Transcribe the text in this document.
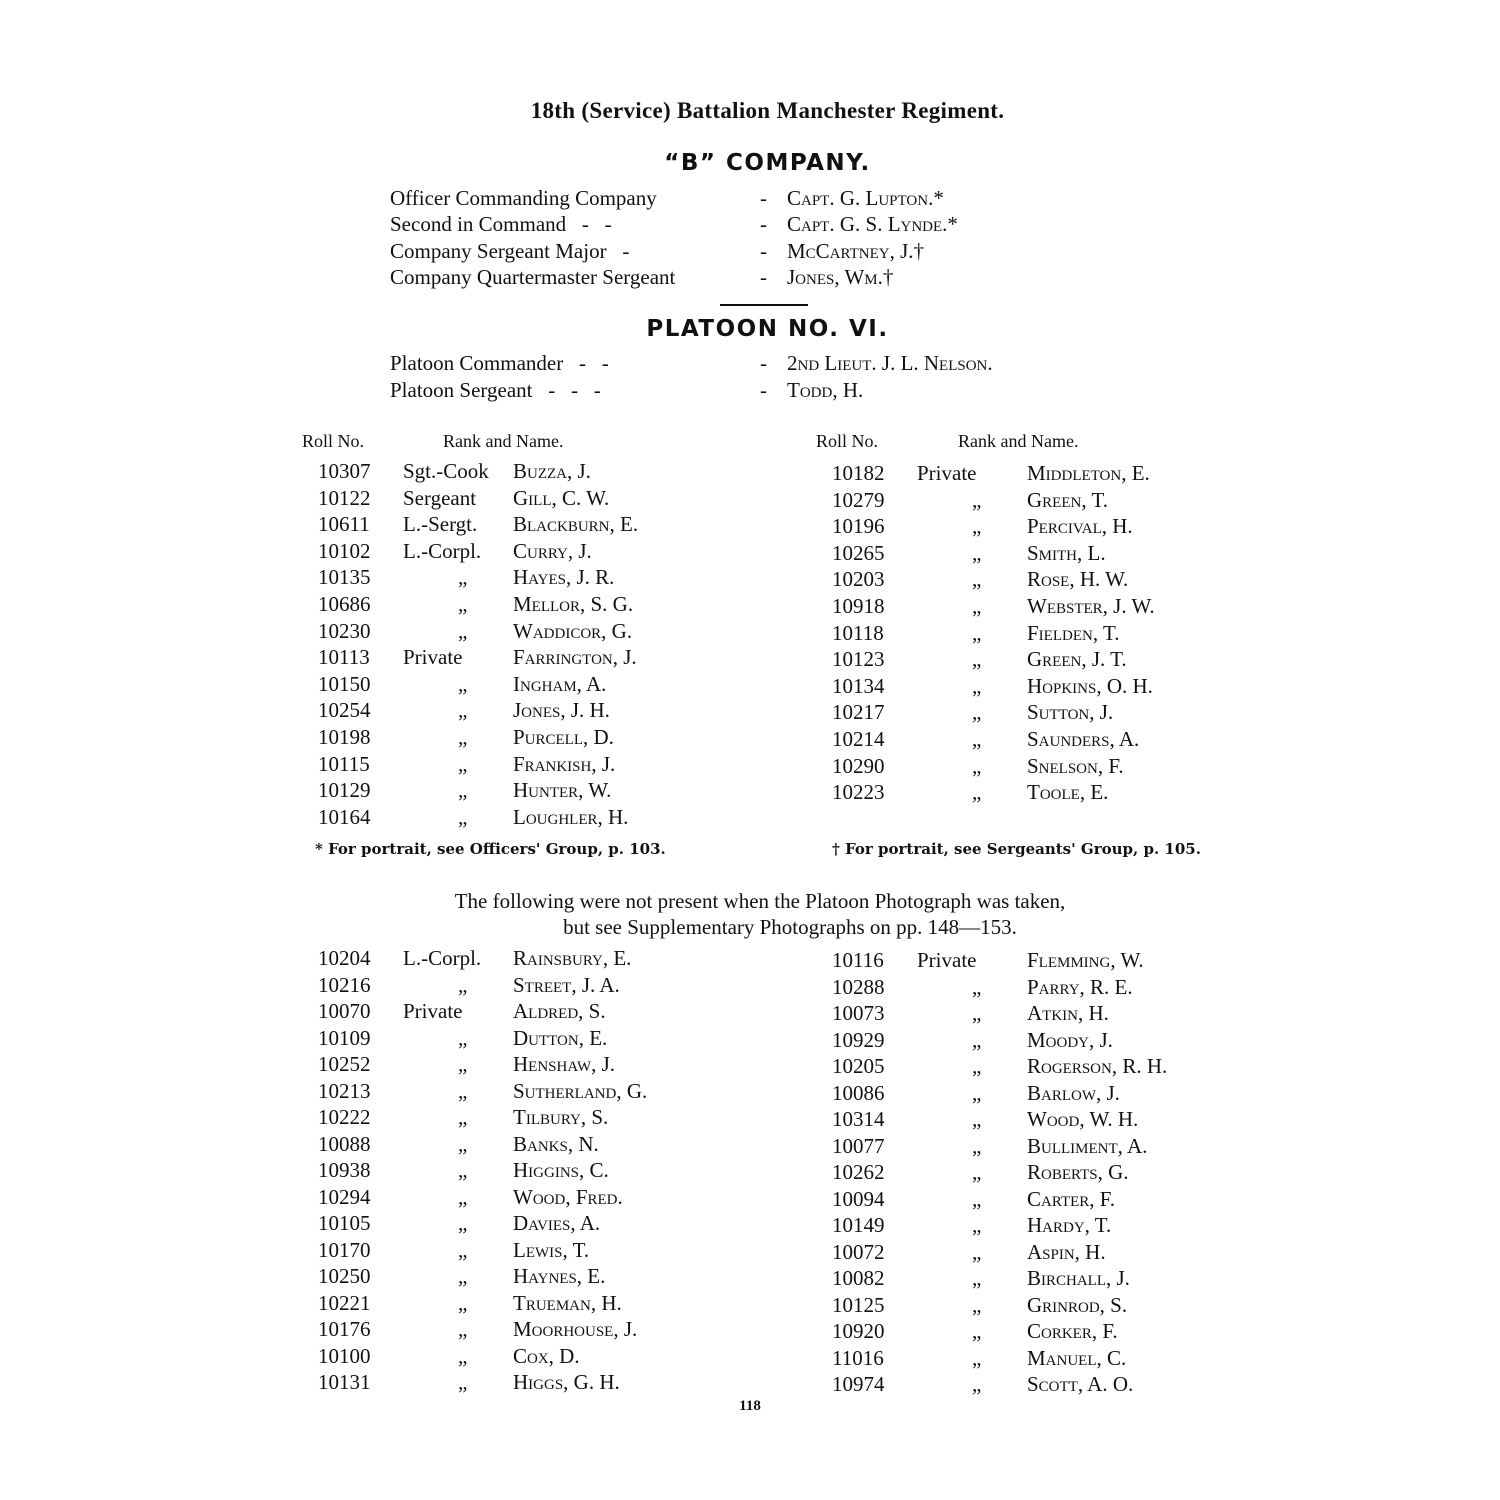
18th (Service) Battalion Manchester Regiment.
“B” COMPANY.
Officer Commanding Company	- Capt. G. Lupton.*
Second in Command   -   -	- Capt. G. S. Lynde.*
Company Sergeant Major   -	- McCartney, J.†
Company Quartermaster Sergeant	- Jones, Wm.†
PLATOON NO. VI.
Platoon Commander   -   -	- 2nd Lieut. J. L. Nelson.
Platoon Sergeant   -   -   -	- Todd, H.
Roll No.	Rank and Name.	Roll No.	Rank and Name.
10307 Sgt.-Cook Buzza, J.
10122 Sergeant Gill, C. W.
10611 L.-Sergt. Blackburn, E.
10102 L.-Corpl. Curry, J.
10135	„ Hayes, J. R.
10686	„ Mellor, S. G.
10230	„ Waddicor, G.
10113 Private Farrington, J.
10150	„ Ingham, A.
10254	„ Jones, J. H.
10198	„ Purcell, D.
10115	„ Frankish, J.
10129	„ Hunter, W.
10164	„ Loughler, H.
10182 Private Middleton, E.
10279	„ Green, T.
10196	„ Percival, H.
10265	„ Smith, L.
10203	„ Rose, H. W.
10918	„ Webster, J. W.
10118	„ Fielden, T.
10123	„ Green, J. T.
10134	„ Hopkins, O. H.
10217	„ Sutton, J.
10214	„ Saunders, A.
10290	„ Snelson, F.
10223	„ Toole, E.
* For portrait, see Officers' Group, p. 103.	† For portrait, see Sergeants' Group, p. 105.
The following were not present when the Platoon Photograph was taken,
but see Supplementary Photographs on pp. 148—153.
10204 L.-Corpl. Rainsbury, E.
10216	„ Street, J. A.
10070 Private Aldred, S.
10109	„ Dutton, E.
10252	„ Henshaw, J.
10213	„ Sutherland, G.
10222	„ Tilbury, S.
10088	„ Banks, N.
10938	„ Higgins, C.
10294	„ Wood, Fred.
10105	„ Davies, A.
10170	„ Lewis, T.
10250	„ Haynes, E.
10221	„ Trueman, H.
10176	„ Moorhouse, J.
10100	„ Cox, D.
10131	„ Higgs, G. H.
10116 Private Flemming, W.
10288	„ Parry, R. E.
10073	„ Atkin, H.
10929	„ Moody, J.
10205	„ Rogerson, R. H.
10086	„ Barlow, J.
10314	„ Wood, W. H.
10077	„ Bulliment, A.
10262	„ Roberts, G.
10094	„ Carter, F.
10149	„ Hardy, T.
10072	„ Aspin, H.
10082	„ Birchall, J.
10125	„ Grinrod, S.
10920	„ Corker, F.
11016	„ Manuel, C.
10974	„ Scott, A. O.
118
